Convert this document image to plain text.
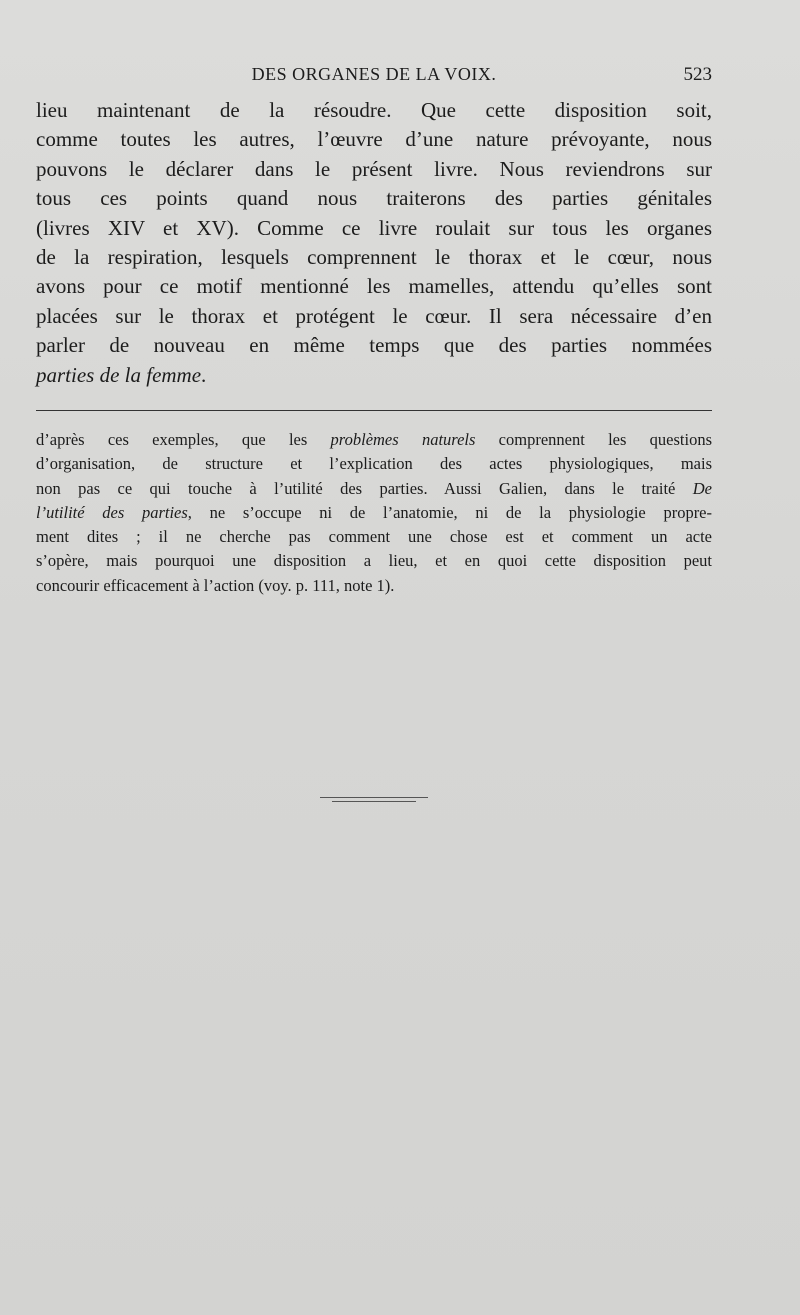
DES ORGANES DE LA VOIX.	523
lieu maintenant de la résoudre. Que cette disposition soit,
comme toutes les autres, l’œuvre d’une nature prévoyante, nous
pouvons le déclarer dans le présent livre. Nous reviendrons sur
tous ces points quand nous traiterons des parties génitales
(livres XIV et XV). Comme ce livre roulait sur tous les organes
de la respiration, lesquels comprennent le thorax et le cœur, nous
avons pour ce motif mentionné les mamelles, attendu qu’elles sont
placées sur le thorax et protégent le cœur. Il sera nécessaire d’en
parler de nouveau en même temps que des parties nommées
parties de la femme.
d’après ces exemples, que les problèmes naturels comprennent les questions
d’organisation, de structure et l’explication des actes physiologiques, mais
non pas ce qui touche à l’utilité des parties. Aussi Galien, dans le traité De
l’utilité des parties, ne s’occupe ni de l’anatomie, ni de la physiologie propre-
ment dites ; il ne cherche pas comment une chose est et comment un acte
s’opère, mais pourquoi une disposition a lieu, et en quoi cette disposition peut
concourir efficacement à l’action (voy. p. 111, note 1).
